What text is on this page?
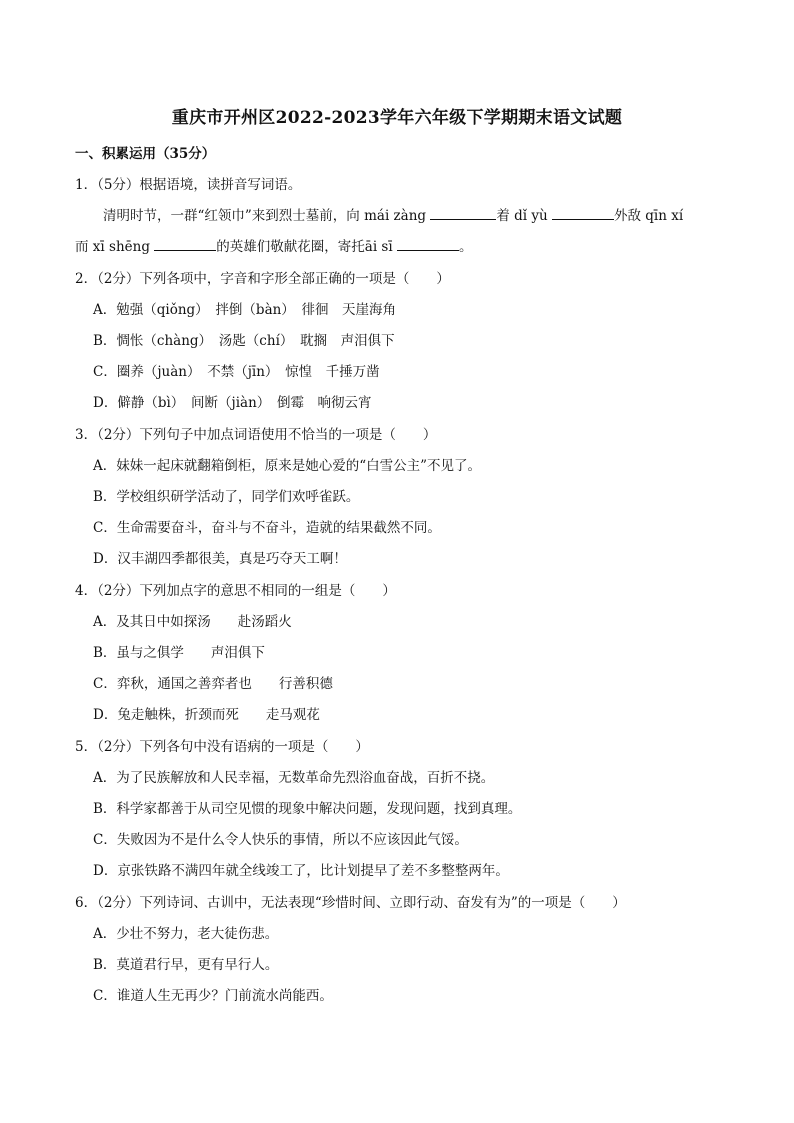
重庆市开州区2022-2023学年六年级下学期期末语文试题
一、积累运用（35分）
1．（5分）根据语境，读拼音写词语。
清明时节，一群“红领巾”来到烈士墓前，向 mái zàng	着 dǐ yù	外敌 qīn xí
而 xī shēng	的英雄们敬献花圈，寄托āi sī	。
2．（2分）下列各项中，字音和字形全部正确的一项是（　　）
A．勉强（qiǒng）　拌倒（bàn）　徘徊　天崖海角
B．惆怅（chàng）　汤匙（chí）　耽搁　声泪俱下
C．圈养（juàn）　不禁（jīn）　惊惶　千捶万凿
D．僻静（bì）　间断（jiàn）　倒霉　响彻云宵
3．（2分）下列句子中加点词语使用不恰当的一项是（　　）
A．妹妹一起床就翻箱倒柜，原来是她心爱的“白雪公主”不见了。
B．学校组织研学活动了，同学们欢呼雀跃。
C．生命需要奋斗，奋斗与不奋斗，造就的结果截然不同。
D．汉丰湖四季都很美，真是巧夺天工啊！
4．（2分）下列加点字的意思不相同的一组是（　　）
A．及其日中如探汤　　赴汤蹈火
B．虽与之俱学　　声泪俱下
C．弈秋，通国之善弈者也　　行善积德
D．兔走触株，折颈而死　　走马观花
5．（2分）下列各句中没有语病的一项是（　　）
A．为了民族解放和人民幸福，无数革命先烈浴血奋战，百折不挠。
B．科学家都善于从司空见惯的现象中解决问题，发现问题，找到真理。
C．失败因为不是什么令人快乐的事情，所以不应该因此气馁。
D．京张铁路不满四年就全线竣工了，比计划提早了差不多整整两年。
6．（2分）下列诗词、古训中，无法表现“珍惜时间、立即行动、奋发有为”的一项是（　　）
A．少壮不努力，老大徒伤悲。
B．莫道君行早，更有早行人。
C．谁道人生无再少？门前流水尚能西。
